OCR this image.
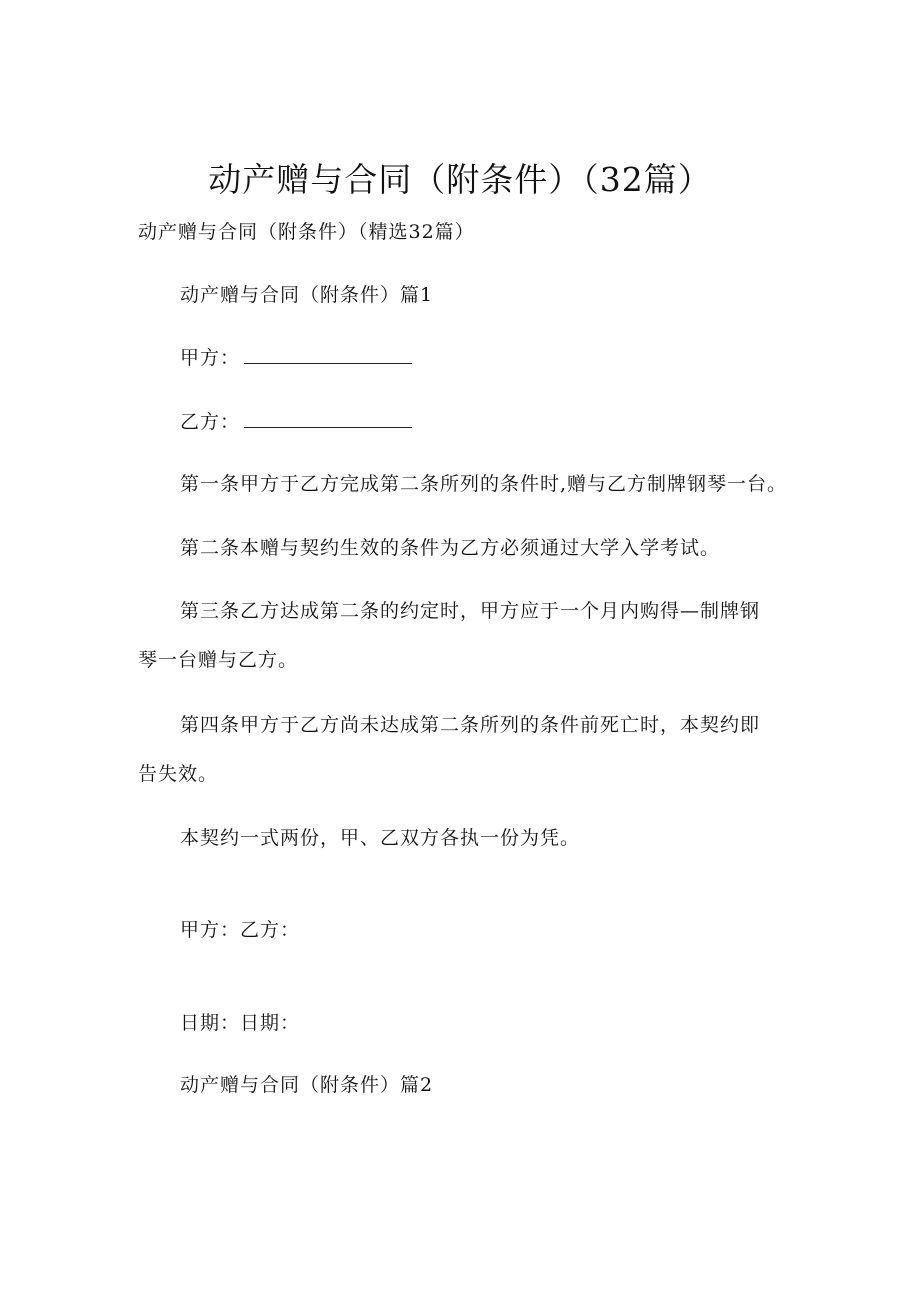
动产赠与合同（附条件）（32篇）
动产赠与合同（附条件）（精选32篇）
动产赠与合同（附条件）篇1
甲方：
乙方：
第一条甲方于乙方完成第二条所列的条件时,赠与乙方制牌钢琴一台。
第二条本赠与契约生效的条件为乙方必须通过大学入学考试。
第三条乙方达成第二条的约定时，甲方应于一个月内购得—制牌钢
琴一台赠与乙方。
第四条甲方于乙方尚未达成第二条所列的条件前死亡时，本契约即
告失效。
本契约一式两份，甲、乙双方各执一份为凭。
甲方：乙方：
日期：日期：
动产赠与合同（附条件）篇2
